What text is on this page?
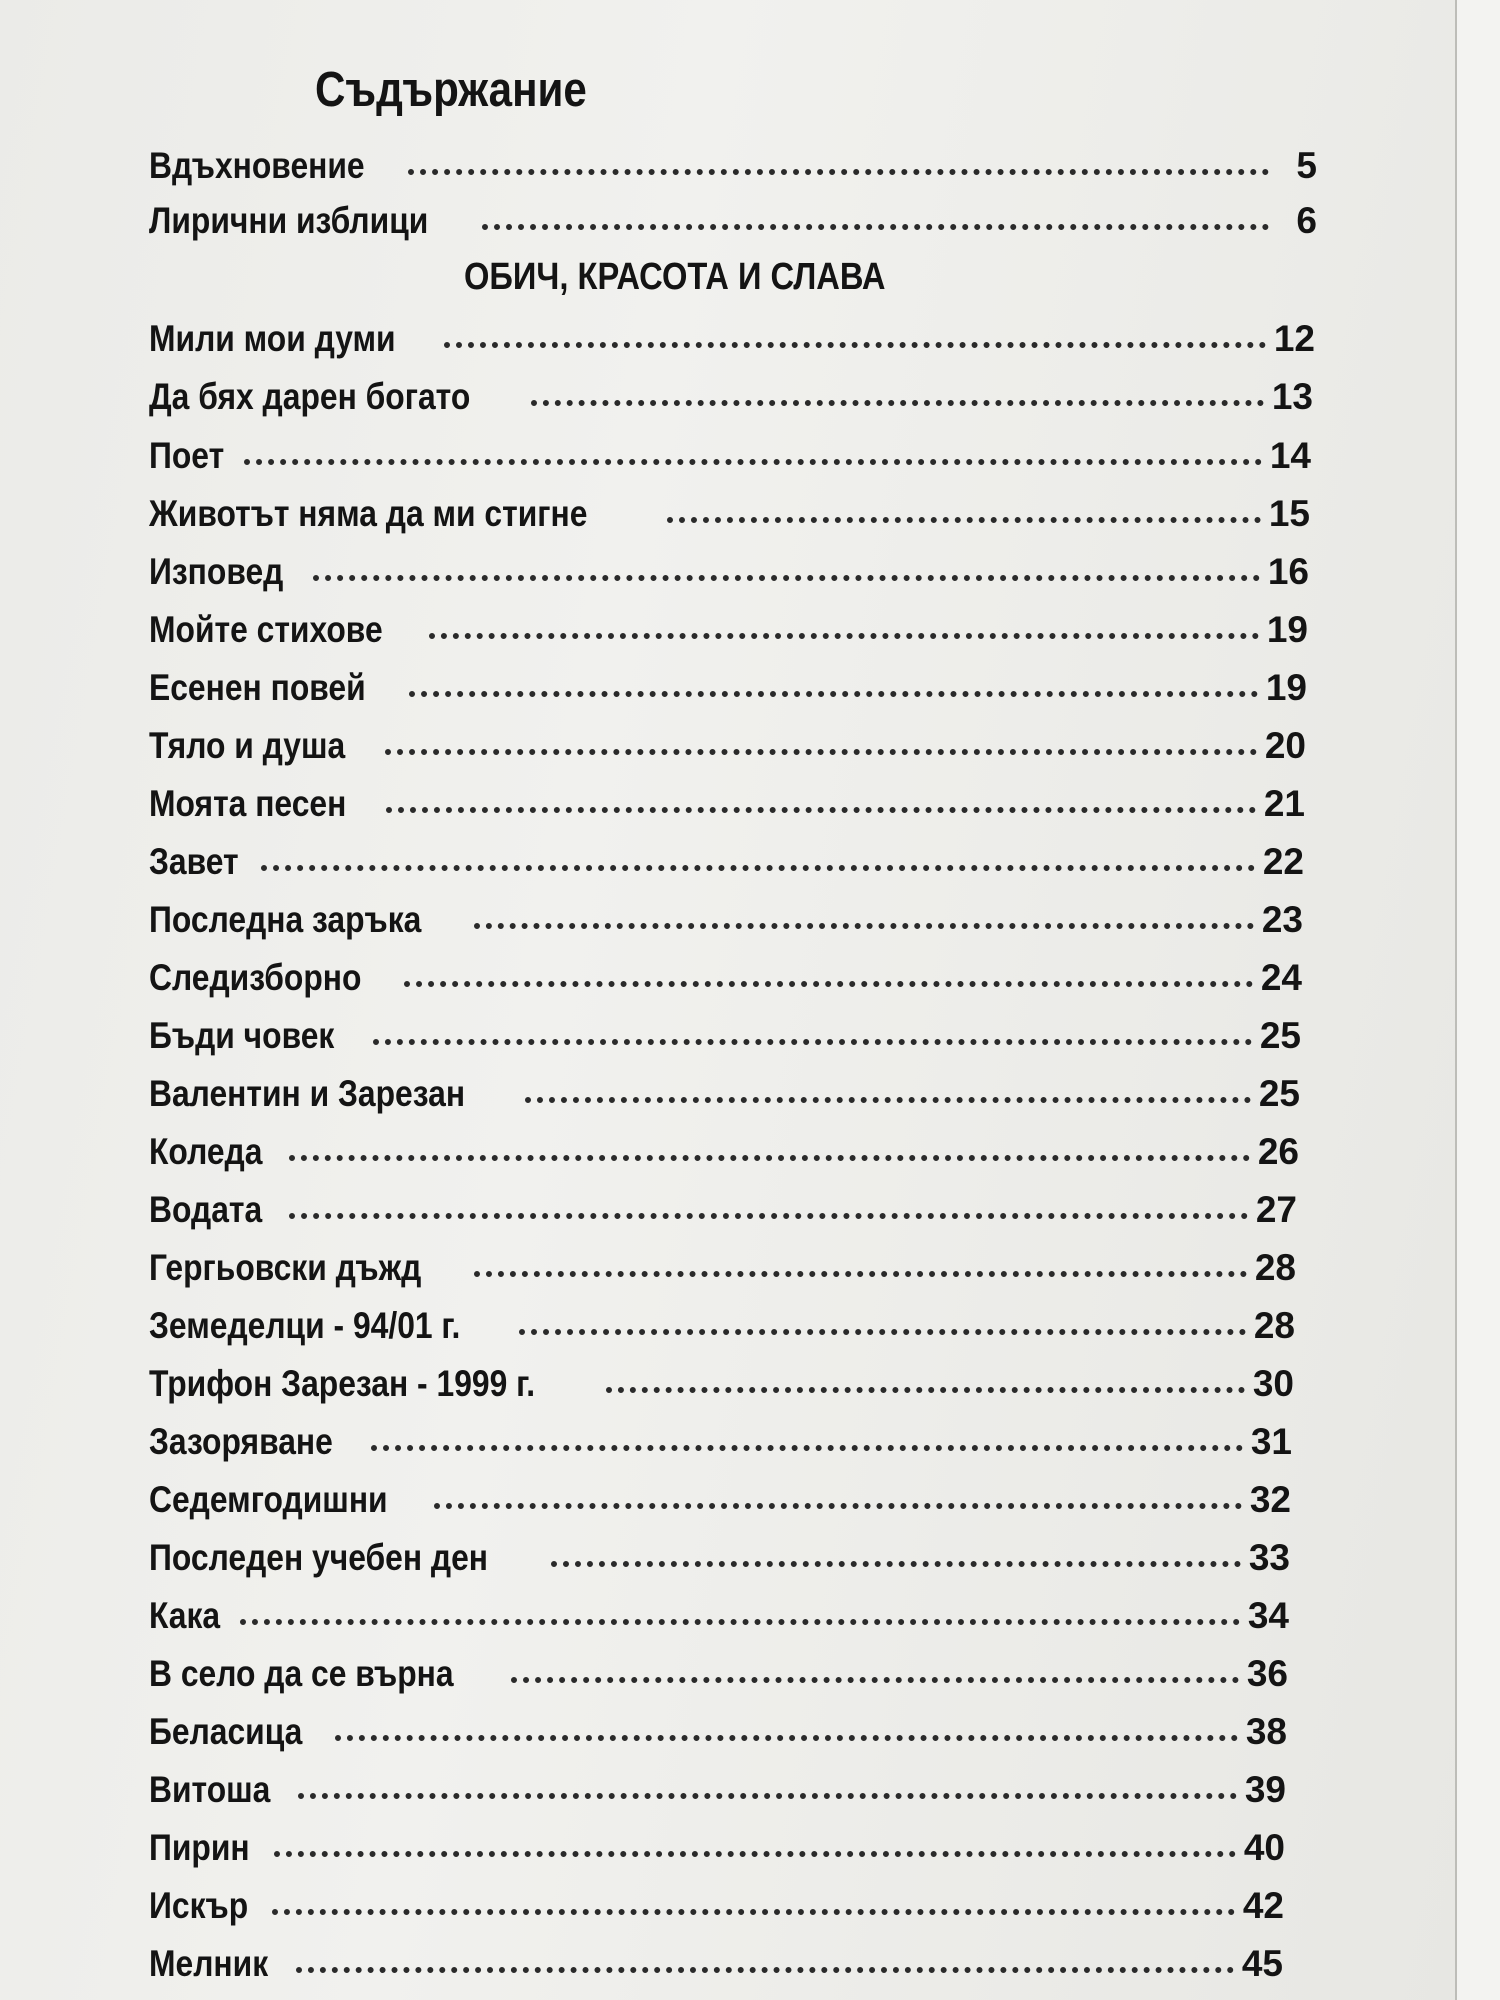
Съдържание
Вдъхновение	5
Лирични изблици	6
ОБИЧ, КРАСОТА И СЛАВА
Мили мои думи	12
Да бях дарен богато	13
Поет	14
Животът няма да ми стигне	15
Изповед	16
Мойте стихове	19
Есенен повей	19
Тяло и душа	20
Моята песен	21
Завет	22
Последна заръка	23
Следизборно	24
Бъди човек	25
Валентин и Зарезан	25
Коледа	26
Водата	27
Гергьовски дъжд	28
Земеделци - 94/01 г.	28
Трифон Зарезан - 1999 г.	30
Зазоряване	31
Седемгодишни	32
Последен учебен ден	33
Кака	34
В село да се върна	36
Беласица	38
Витоша	39
Пирин	40
Искър	42
Мелник	45
